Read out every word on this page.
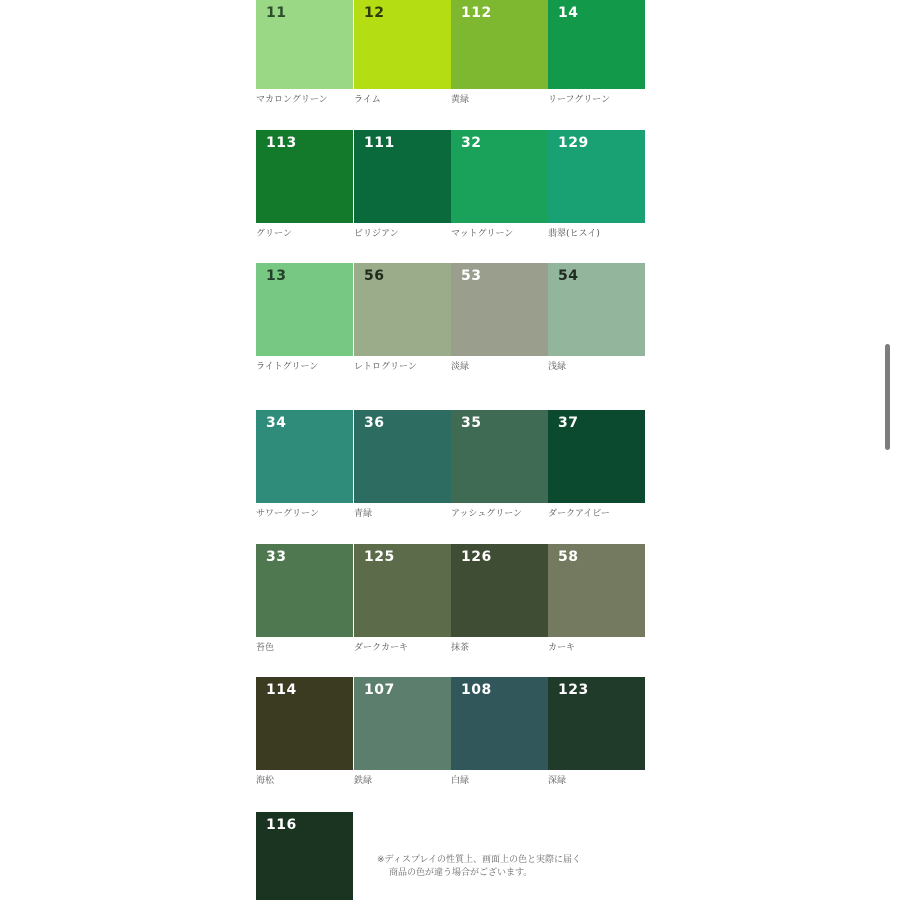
11
マカロングリーン
12
ライム
112
黄緑
14
リーフグリーン
113
グリーン
111
ビリジアン
32
マットグリーン
129
翡翠(ヒスイ)
13
ライトグリーン
56
レトログリーン
53
淡緑
54
浅緑
34
サワーグリーン
36
青緑
35
アッシュグリーン
37
ダークアイビー
33
苔色
125
ダークカーキ
126
抹茶
58
カーキ
114
海松
107
鉄緑
108
白緑
123
深緑
116
※ディスプレイの性質上、画面上の色と実際に届く
商品の色が違う場合がございます。
